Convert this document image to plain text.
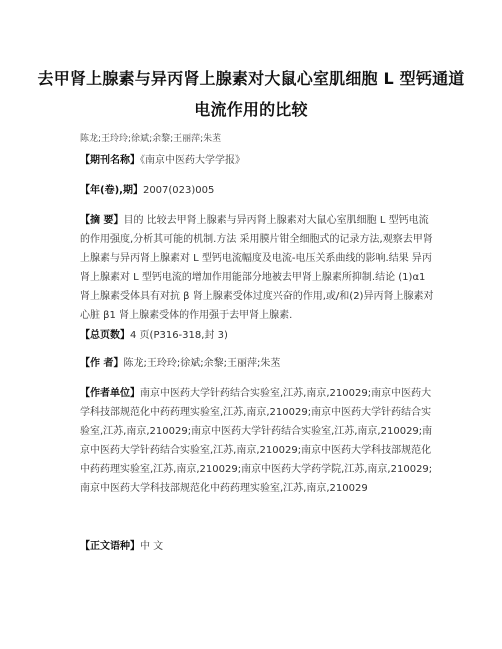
去甲肾上腺素与异丙肾上腺素对大鼠心室肌细胞 L 型钙通道
电流作用的比较
陈龙;王玲玲;徐斌;余黎;王丽萍;朱苤
【期刊名称】《南京中医药大学学报》
【年(卷),期】2007(023)005
【摘 要】目的 比较去甲肾上腺素与异丙肾上腺素对大鼠心室肌细胞 L 型钙电流的作用强度,分析其可能的机制.方法 采用膜片钳全细胞式的记录方法,观察去甲肾上腺素与异丙肾上腺素对 L 型钙电流幅度及电流-电压关系曲线的影响.结果 异丙肾上腺素对 L 型钙电流的增加作用能部分地被去甲肾上腺素所抑制.结论 (1)α1 肾上腺素受体具有对抗 β 肾上腺素受体过度兴奋的作用,或/和(2)异丙肾上腺素对心脏 β1 肾上腺素受体的作用强于去甲肾上腺素.
【总页数】4 页(P316-318,封 3)
【作 者】陈龙;王玲玲;徐斌;余黎;王丽萍;朱苤
【作者单位】南京中医药大学针药结合实验室,江苏,南京,210029;南京中医药大学科技部规范化中药药理实验室,江苏,南京,210029;南京中医药大学针药结合实验室,江苏,南京,210029;南京中医药大学针药结合实验室,江苏,南京,210029;南京中医药大学针药结合实验室,江苏,南京,210029;南京中医药大学科技部规范化中药药理实验室,江苏,南京,210029;南京中医药大学药学院,江苏,南京,210029;南京中医药大学科技部规范化中药药理实验室,江苏,南京,210029
【正文语种】中 文
